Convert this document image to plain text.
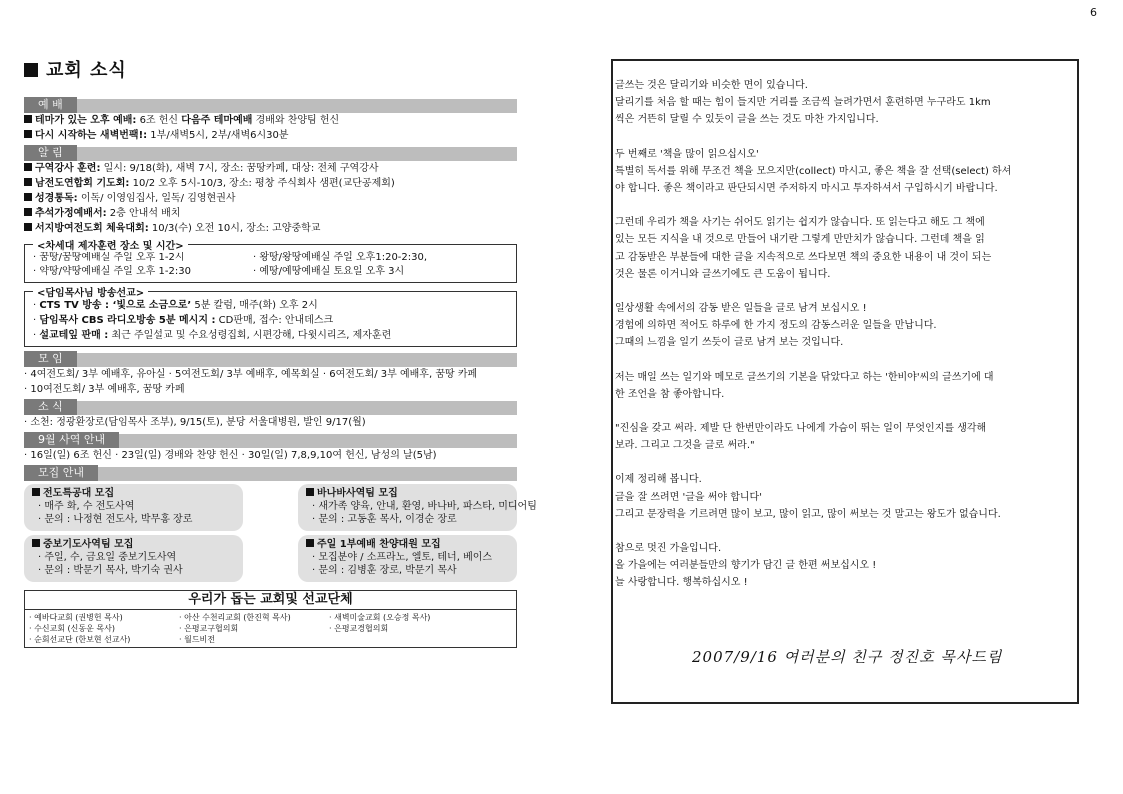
6
교회 소식
예 배
테마가 있는 오후 예배: 6조 헌신 다음주 테마예배 경배와 찬양팀 헌신
다시 시작하는 새벽번팩!: 1부/새벽5시, 2부/새벽6시30분
알 림
구역강사 훈련: 일시: 9/18(화), 새벽 7시, 장소: 꿈땅카페, 대상: 전체 구역강사
남전도연합회 기도회: 10/2 오후 5시-10/3, 장소: 평창 주식회사 샘편(교단공제회)
성경통독: 이독/ 이영임집사, 일독/ 김영현권사
추석가정예배서: 2층 안내석 배치
서지방여전도회 체육대회: 10/3(수) 오전 10시, 장소: 고양중학교
<차세대 제자훈련 장소 및 시간>
· 꿈땅/꿈땅예배실 주일 오후 1-2시
· 약땅/약땅예배실 주일 오후 1-2:30
· 왕땅/왕땅예배실 주일 오후1:20-2:30,
· 예땅/예땅예배실 토요일 오후 3시
<담임목사님 방송선교>
· CTS TV 방송 : ‘빛으로 소금으로’ 5분 칼럼, 매주(화) 오후 2시
· 담임목사 CBS 라디오방송 5분 메시지 : CD판매, 접수: 안내데스크
· 설교테잎 판매 : 최근 주일설교 및 수요성령집회, 시편강해, 다윗시리즈, 제자훈련
모 임
· 4여전도회/ 3부 예배후, 유아실 · 5여전도회/ 3부 예배후, 예목회실 · 6여전도회/ 3부 예배후, 꿈땅 카페
· 10여전도회/ 3부 예배후, 꿈땅 카페
소 식
· 소천: 정광환장로(담임목사 조부), 9/15(토), 분당 서울대병원, 발인 9/17(월)
9월 사역 안내
· 16일(일) 6조 헌신 · 23일(일) 경배와 찬양 헌신 · 30일(일) 7,8,9,10여 헌신, 남성의 날(5남)
모집 안내
전도특공대 모집
· 매주 화, 수 전도사역
· 문의 : 나정현 전도사, 박무홍 장로
바나바사역팀 모집
· 새가족 양육, 안내, 환영, 바나바, 파스타, 미디어팀
· 문의 : 고동훈 목사, 이경순 장로
중보기도사역팀 모집
· 주일, 수, 금요일 중보기도사역
· 문의 : 박문기 목사, 박기숙 권사
주일 1부예배 찬양대원 모집
· 모집분야 / 소프라노, 엘토, 테너, 베이스
· 문의 : 김병훈 장로, 박문기 목사
우리가 돕는 교회및 선교단체
· 예바다교회 (권병헌 목사)
· 수신교회 (신동운 목사)
· 순회선교단 (한보현 선교사)
· 아산 수천리교회 (한진혁 목사)
· 은평교구협의회
· 월드비전
· 새벽미술교회 (오승정 목사)
· 은평교경협의회
글쓰는 것은 달리기와 비슷한 면이 있습니다.
달리기를 처음 할 때는 힘이 들지만 거리를 조금씩 늘려가면서 훈련하면 누구라도 1km
씩은 거뜬히 달릴 수 있듯이 글을 쓰는 것도 마찬 가지입니다.
두 번째로 '책을 많이 읽으십시오'
특별히 독서를 위해 무조건 책을 모으지만(collect) 마시고, 좋은 책을 잘 선택(select) 하셔
야 합니다. 좋은 책이라고 판단되시면 주저하지 마시고 투자하셔서 구입하시기 바랍니다.
그런데 우리가 책을 사기는 쉬어도 읽기는 쉽지가 않습니다. 또 읽는다고 해도 그 책에
있는 모든 지식을 내 것으로 만들어 내기란 그렇게 만만치가 않습니다. 그런데 책을 읽
고 감동받은 부분들에 대한 글을 지속적으로 쓰다보면 책의 중요한 내용이 내 것이 되는
것은 물론 이거니와 글쓰기에도 큰 도움이 됩니다.
일상생활 속에서의 감동 받은 일들을 글로 남겨 보십시오 !
경험에 의하면 적어도 하루에 한 가지 정도의 감동스러운 일들을 만납니다.
그때의 느낌을 일기 쓰듯이 글로 남겨 보는 것입니다.
저는 매일 쓰는 일기와 메모로 글쓰기의 기본을 닦았다고 하는 '한비야'씨의 글쓰기에 대
한 조언을 참 좋아합니다.
"진심을 갖고 써라. 제발 단 한번만이라도 나에게 가슴이 뛰는 일이 무엇인지를 생각해
보라. 그리고 그것을 글로 써라."
이제 정리해 봅니다.
글을 잘 쓰려면 '글을 써야 합니다'
그리고 문장력을 기르려면 많이 보고, 많이 읽고, 많이 써보는 것 말고는 왕도가 없습니다.
참으로 멋진 가을입니다.
올 가을에는 여러분들만의 향기가 담긴 글 한편 써보십시오 !
늘 사랑합니다. 행복하십시오 !
2007/9/16 여러분의 친구 정진호 목사드림
